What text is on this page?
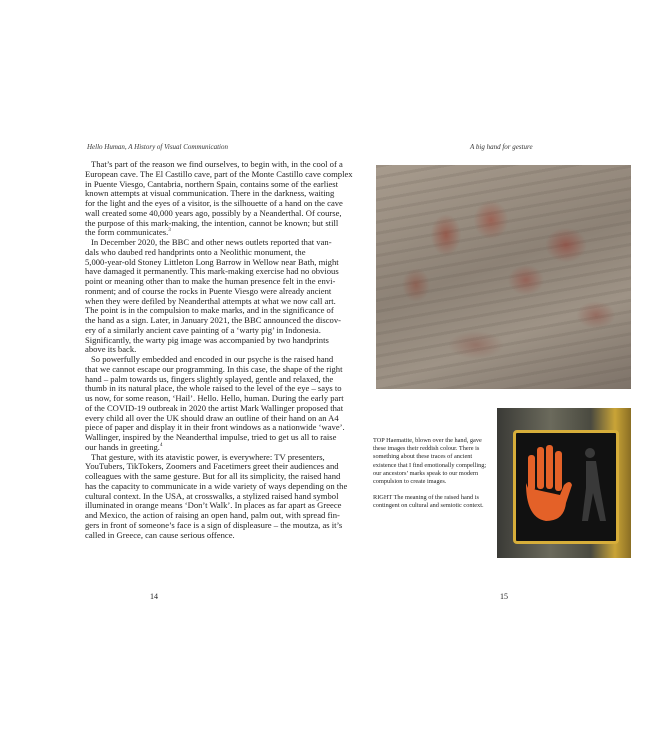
Hello Human, A History of Visual Communication	A big hand for gesture
That’s part of the reason we find ourselves, to begin with, in the cool of a
European cave. The El Castillo cave, part of the Monte Castillo cave complex
in Puente Viesgo, Cantabria, northern Spain, contains some of the earliest
known attempts at visual communication. There in the darkness, waiting
for the light and the eyes of a visitor, is the silhouette of a hand on the cave
wall created some 40,000 years ago, possibly by a Neanderthal. Of course,
the purpose of this mark-making, the intention, cannot be known; but still
the form communicates.$^3$
In December 2020, the BBC and other news outlets reported that van-
dals who daubed red handprints onto a Neolithic monument, the
5,000-year-old Stoney Littleton Long Barrow in Wellow near Bath, might
have damaged it permanently. This mark-making exercise had no obvious
point or meaning other than to make the human presence felt in the envi-
ronment; and of course the rocks in Puente Viesgo were already ancient
when they were defiled by Neanderthal attempts at what we now call art.
The point is in the compulsion to make marks, and in the significance of
the hand as a sign. Later, in January 2021, the BBC announced the discov-
ery of a similarly ancient cave painting of a ‘warty pig’ in Indonesia.
Significantly, the warty pig image was accompanied by two handprints
above its back.
So powerfully embedded and encoded in our psyche is the raised hand
that we cannot escape our programming. In this case, the shape of the right
hand – palm towards us, fingers slightly splayed, gentle and relaxed, the
thumb in its natural place, the whole raised to the level of the eye – says to
us now, for some reason, ‘Hail’. Hello. Hello, human. During the early part
of the COVID-19 outbreak in 2020 the artist Mark Wallinger proposed that
every child all over the UK should draw an outline of their hand on an A4
piece of paper and display it in their front windows as a nationwide ‘wave’.
Wallinger, inspired by the Neanderthal impulse, tried to get us all to raise
our hands in greeting.$^4$
That gesture, with its atavistic power, is everywhere: TV presenters,
YouTubers, TikTokers, Zoomers and Facetimers greet their audiences and
colleagues with the same gesture. But for all its simplicity, the raised hand
has the capacity to communicate in a wide variety of ways depending on the
cultural context. In the USA, at crosswalks, a stylized raised hand symbol
illuminated in orange means ‘Don’t Walk’. In places as far apart as Greece
and Mexico, the action of raising an open hand, palm out, with spread fin-
gers in front of someone’s face is a sign of displeasure – the moutza, as it’s
called in Greece, can cause serious offence.
14	15

TOP Haematite, blown over the hand, gave these images their reddish colour. There is something about these traces of ancient existence that I find emotionally compelling; our ancestors’ marks speak to our modern compulsion to create images.

RIGHT The meaning of the raised hand is contingent on cultural and semiotic context.
